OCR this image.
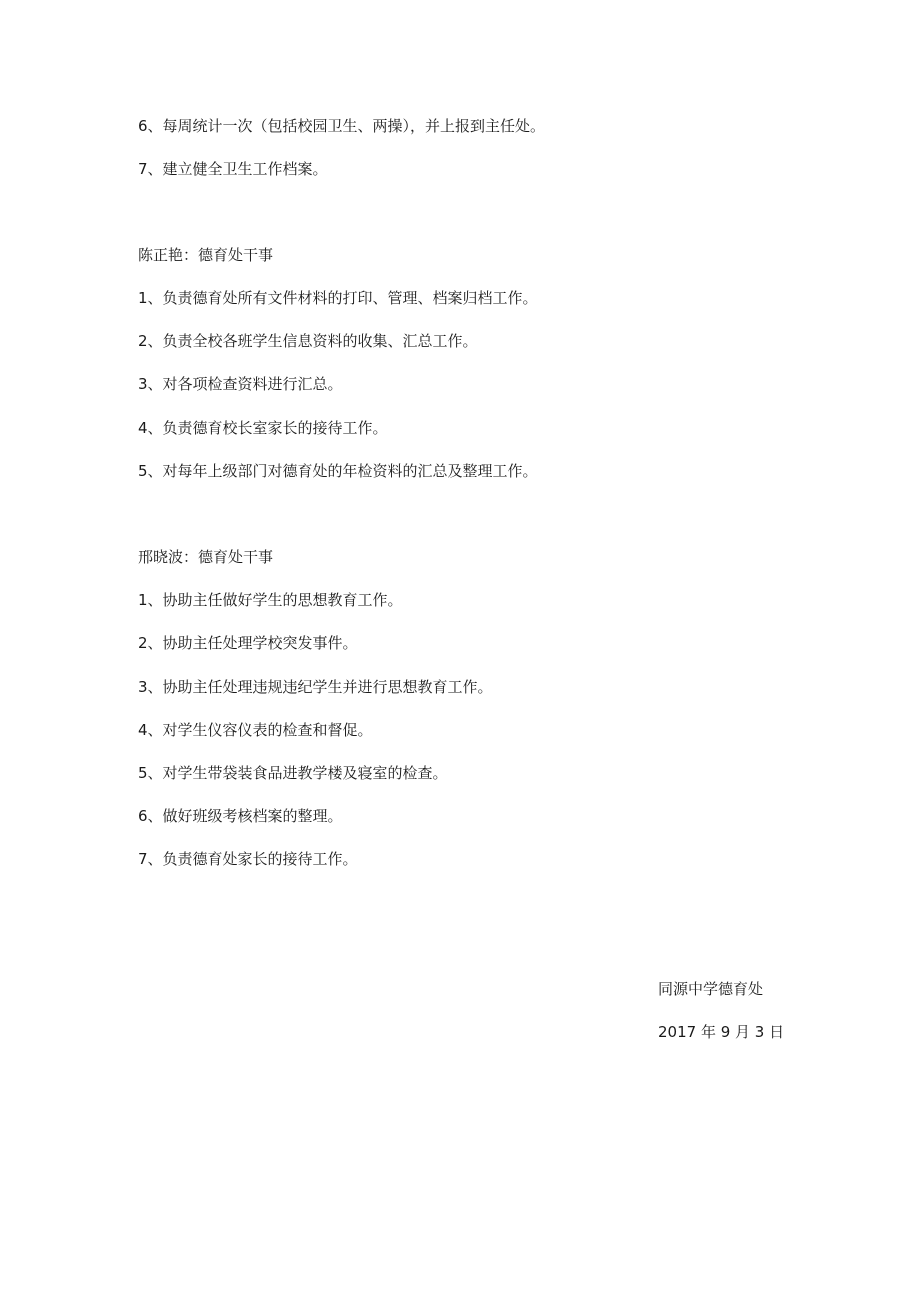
6、每周统计一次（包括校园卫生、两操），并上报到主任处。
7、建立健全卫生工作档案。
陈正艳：德育处干事
1、负责德育处所有文件材料的打印、管理、档案归档工作。
2、负责全校各班学生信息资料的收集、汇总工作。
3、对各项检查资料进行汇总。
4、负责德育校长室家长的接待工作。
5、对每年上级部门对德育处的年检资料的汇总及整理工作。
邢晓波：德育处干事
1、协助主任做好学生的思想教育工作。
2、协助主任处理学校突发事件。
3、协助主任处理违规违纪学生并进行思想教育工作。
4、对学生仪容仪表的检查和督促。
5、对学生带袋装食品进教学楼及寝室的检查。
6、做好班级考核档案的整理。
7、负责德育处家长的接待工作。
同源中学德育处
2017 年 9 月 3 日
